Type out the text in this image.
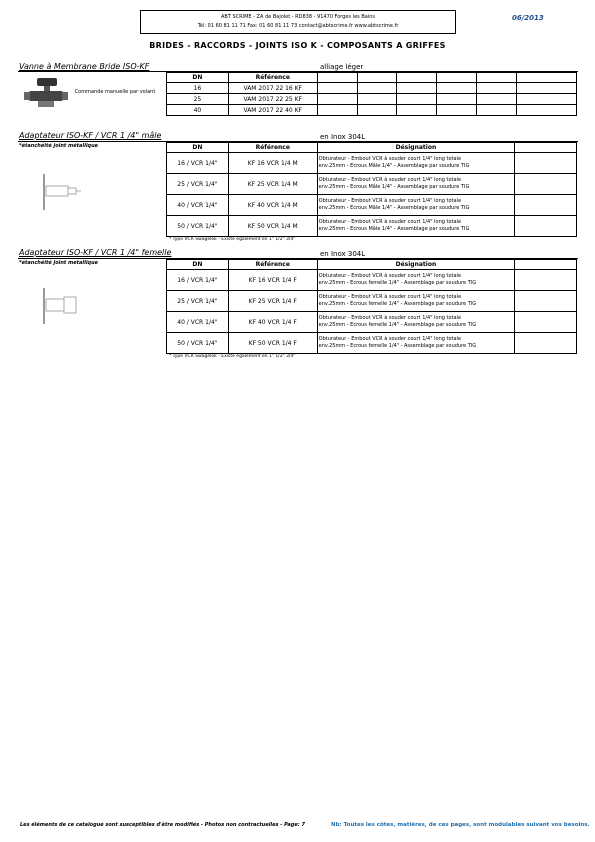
ABT SCRIME - ZA de Bajolet - RD838 - 91470 Forges les Bains
Tél: 01 60 81 11 71 Fax: 01 60 81 11 73 contact@abtscrime.fr www.abtscrime.fr
06/2013
BRIDES - RACCORDS - JOINTS ISO K - COMPOSANTS A GRIFFES
Vanne à Membrane Bride ISO-KF	alliage léger
Commande manuelle par volant
DN	Référence						
16	VAM 2017 22 16 KF						
25	VAM 2017 22 25 KF						
40	VAM 2017 22 40 KF						
Adaptateur ISO-KF / VCR 1 /4" mâle	en Inox 304L
*étanchéité joint métallique	DN	Référence	Désignation	
16 / VCR 1/4"	KF 16 VCR 1/4 M	Obturateur - Embout VCR à souder court 1/4" long totale
env.25mm - Ecrous Mâle 1/4" - Assemblage par soudure TIG	

25 / VCR 1/4"	KF 25 VCR 1/4 M	Obturateur - Embout VCR à souder court 1/4" long totale
env.25mm - Ecrous Mâle 1/4" - Assemblage par soudure TIG	

40 / VCR 1/4"	KF 40 VCR 1/4 M	Obturateur - Embout VCR à souder court 1/4" long totale
env.25mm - Ecrous Mâle 1/4" - Assemblage par soudure TIG	

50 / VCR 1/4"	KF 50 VCR 1/4 M	Obturateur - Embout VCR à souder court 1/4" long totale
env.25mm - Ecrous Mâle 1/4" - Assemblage par soudure TIG	

* Type VCR Swagelok - Existe également en 1" 1/2" 3/4"
Adaptateur ISO-KF / VCR 1 /4" femelle	en Inox 304L
*étanchéité joint metallique	DN	Référence	Désignation	
16 / VCR 1/4"	KF 16 VCR 1/4 F	Obturateur - Embout VCR à souder court 1/4" long totale
env.25mm - Ecrous femelle 1/4" - Assemblage par soudure TIG	

25 / VCR 1/4"	KF 25 VCR 1/4 F	Obturateur - Embout VCR à souder court 1/4" long totale
env.25mm - Ecrous femelle 1/4" - Assemblage par soudure TIG	

40 / VCR 1/4"	KF 40 VCR 1/4 F	Obturateur - Embout VCR à souder court 1/4" long totale
env.25mm - Ecrous femelle 1/4" - Assemblage par soudure TIG	

50 / VCR 1/4"	KF 50 VCR 1/4 F	Obturateur - Embout VCR à souder court 1/4" long totale
env.25mm - Ecrous femelle 1/4" - Assemblage par soudure TIG	

* Type VCR Swagelok - Existe également en 1" 1/2" 3/4"
Les éléments de ce catalogue sont susceptibles d'être modifiés - Photos non contractuelles - Page: 7	Nb: Toutes les côtes, matières, de ces pages, sont modulables suivant vos besoins.
